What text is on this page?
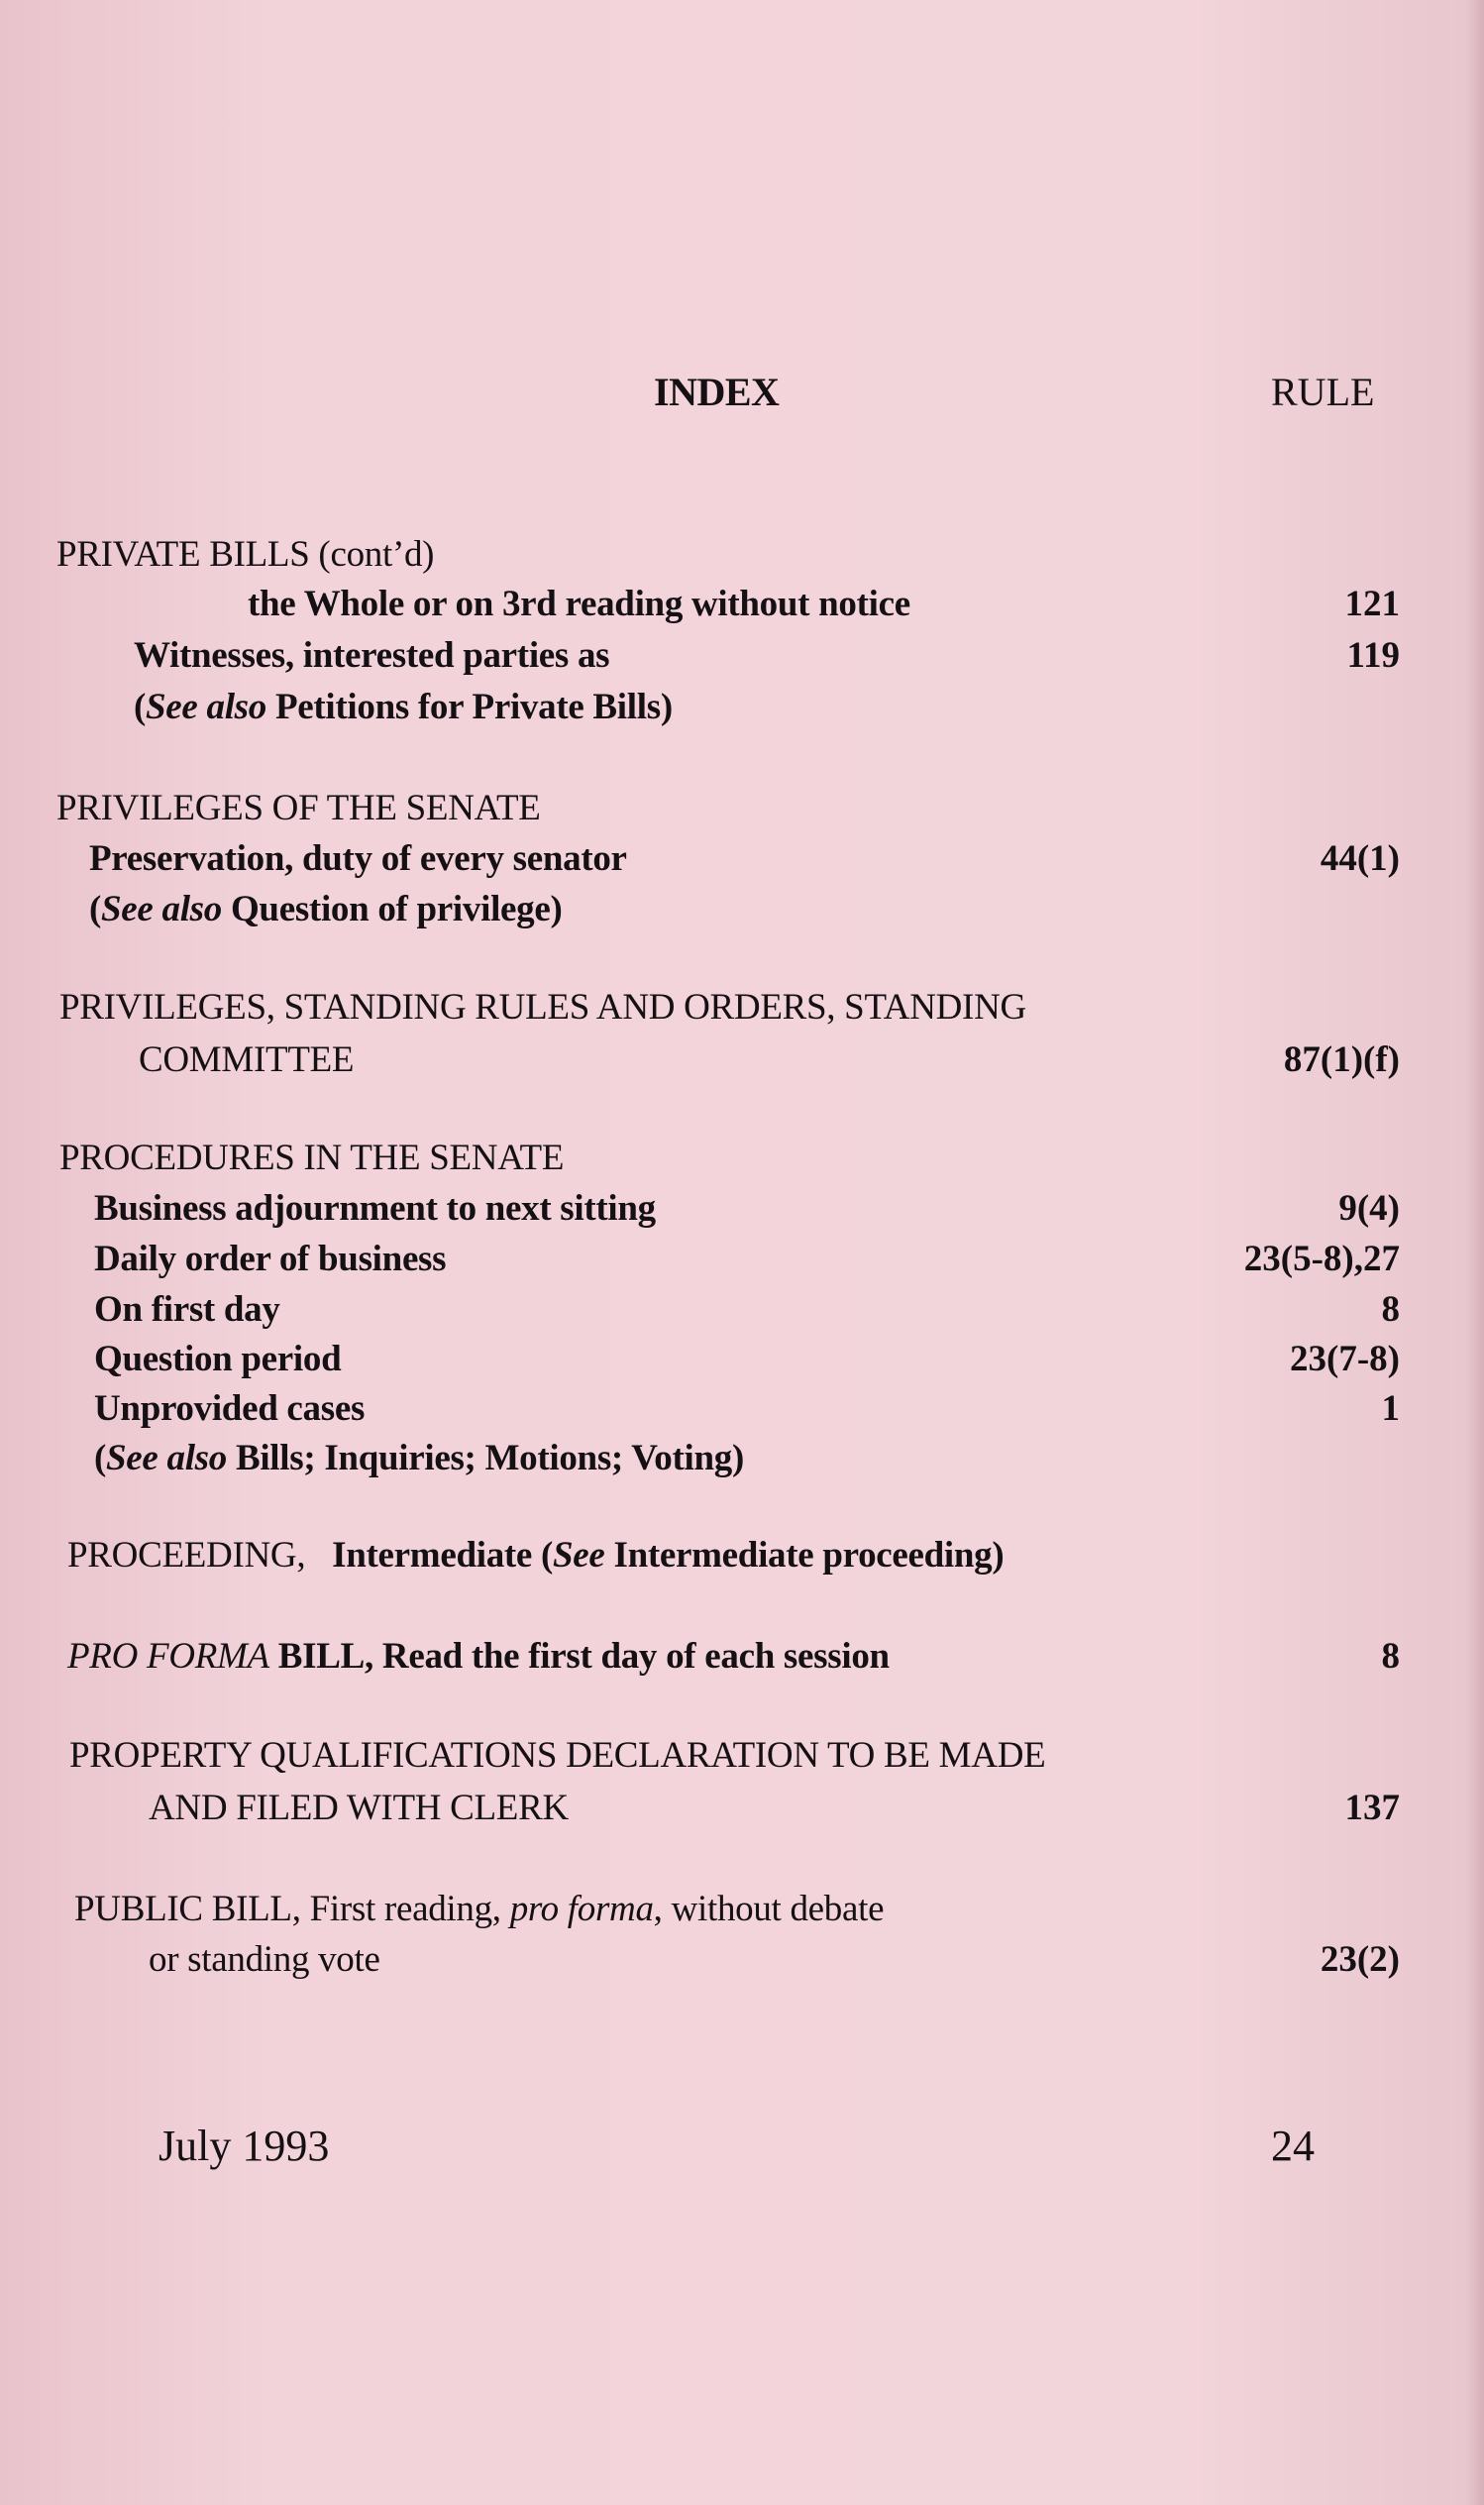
INDEX	RULE
PRIVATE BILLS (cont’d)
the Whole or on 3rd reading without notice	121
Witnesses, interested parties as	119
(See also Petitions for Private Bills)
PRIVILEGES OF THE SENATE
Preservation, duty of every senator	44(1)
(See also Question of privilege)
PRIVILEGES, STANDING RULES AND ORDERS, STANDING
COMMITTEE	87(1)(f)
PROCEDURES IN THE SENATE
Business adjournment to next sitting	9(4)
Daily order of business	23(5-8),27
On first day	8
Question period	23(7-8)
Unprovided cases	1
(See also Bills; Inquiries; Motions; Voting)
PROCEEDING, Intermediate (See Intermediate proceeding)
PRO FORMA BILL, Read the first day of each session	8
PROPERTY QUALIFICATIONS DECLARATION TO BE MADE
AND FILED WITH CLERK	137
PUBLIC BILL, First reading, pro forma, without debate
or standing vote	23(2)
July 1993	24
